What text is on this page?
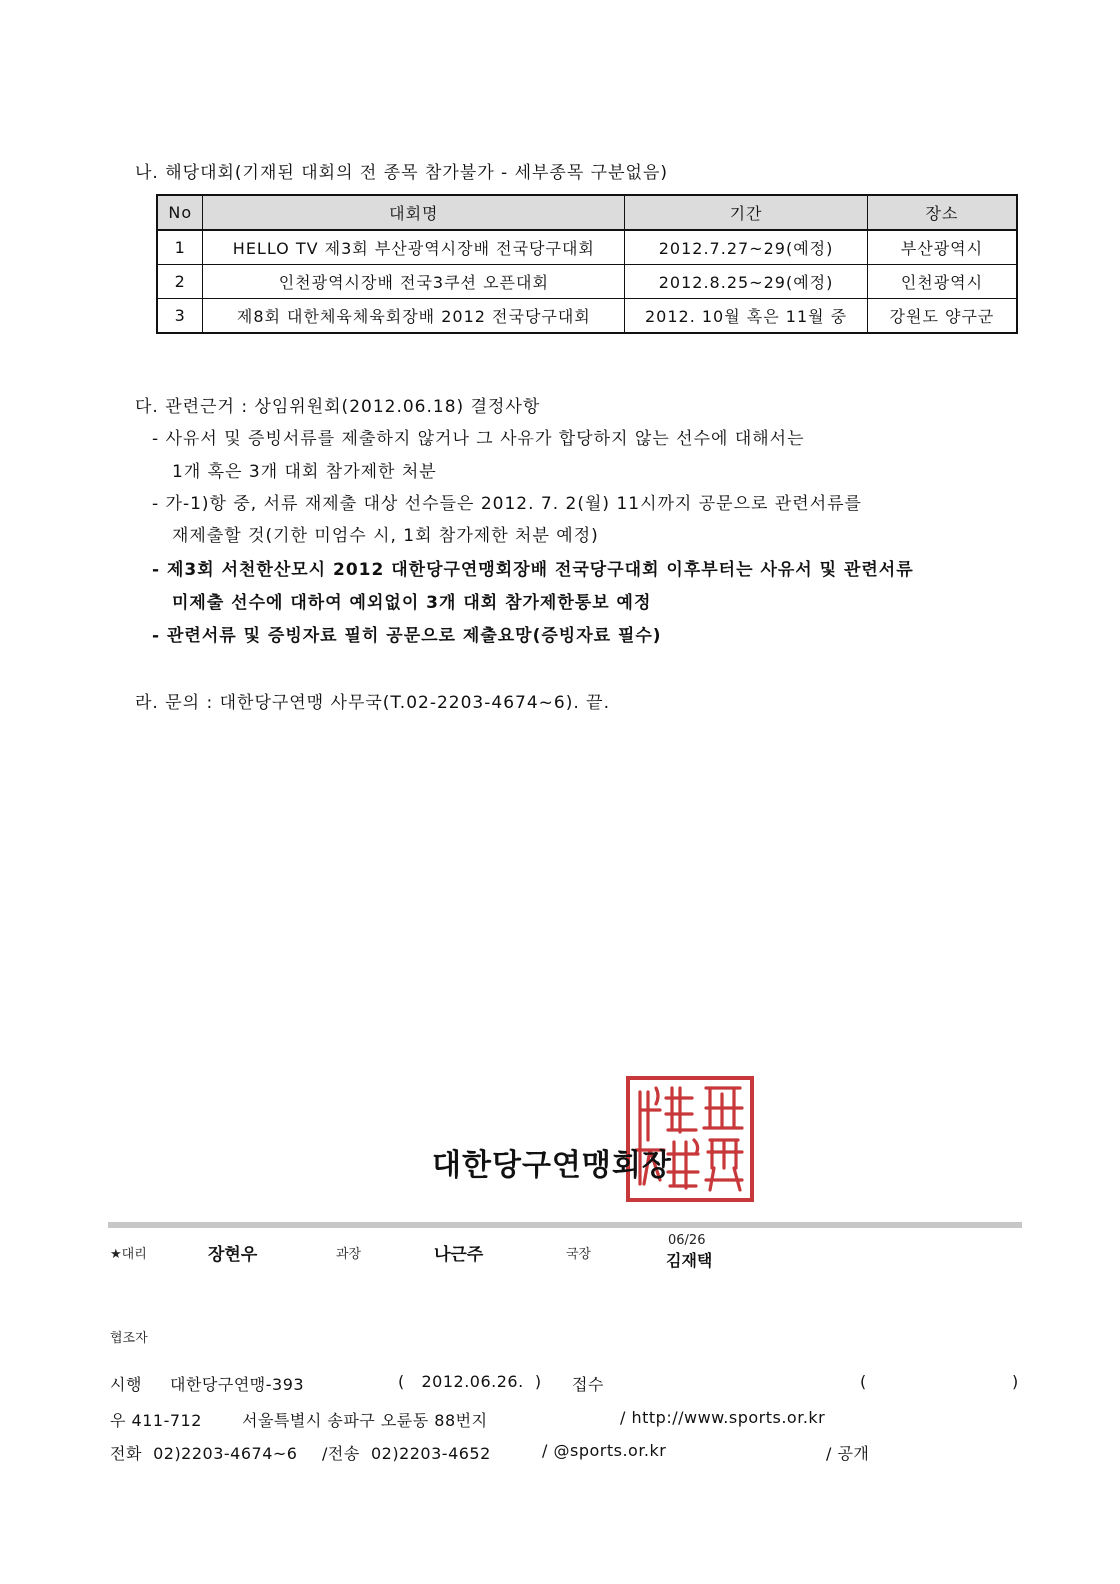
나. 해당대회(기재된 대회의 전 종목 참가불가 - 세부종목 구분없음)
No	대회명	기간	장소
1	HELLO TV 제3회 부산광역시장배 전국당구대회	2012.7.27~29(예정)	부산광역시
2	인천광역시장배 전국3쿠션 오픈대회	2012.8.25~29(예정)	인천광역시
3	제8회 대한체육체육회장배 2012 전국당구대회	2012. 10월 혹은 11월 중	강원도 양구군
다. 관련근거 : 상임위원회(2012.06.18) 결정사항
- 사유서 및 증빙서류를 제출하지 않거나 그 사유가 합당하지 않는 선수에 대해서는
1개 혹은 3개 대회 참가제한 처분
- 가-1)항 중, 서류 재제출 대상 선수들은 2012. 7. 2(월) 11시까지 공문으로 관련서류를
재제출할 것(기한 미엄수 시, 1회 참가제한 처분 예정)
- 제3회 서천한산모시 2012 대한당구연맹회장배 전국당구대회 이후부터는 사유서 및 관련서류
미제출 선수에 대하여 예외없이 3개 대회 참가제한통보 예정
- 관련서류 및 증빙자료 필히 공문으로 제출요망(증빙자료 필수)
라. 문의 : 대한당구연맹 사무국(T.02-2203-4674~6). 끝.
대한당구연맹회장
★대리	장현우	과장	나근주	국장
06/26
김재택
협조자
시행 대한당구연맹-393	(   2012.06.26.  ) 접수	(	)
우 411-712	서울특별시 송파구 오륜동 88번지	/ http://www.sports.or.kr
전화  02)2203-4674~6 /전송  02)2203-4652	/ @sports.or.kr	/ 공개
